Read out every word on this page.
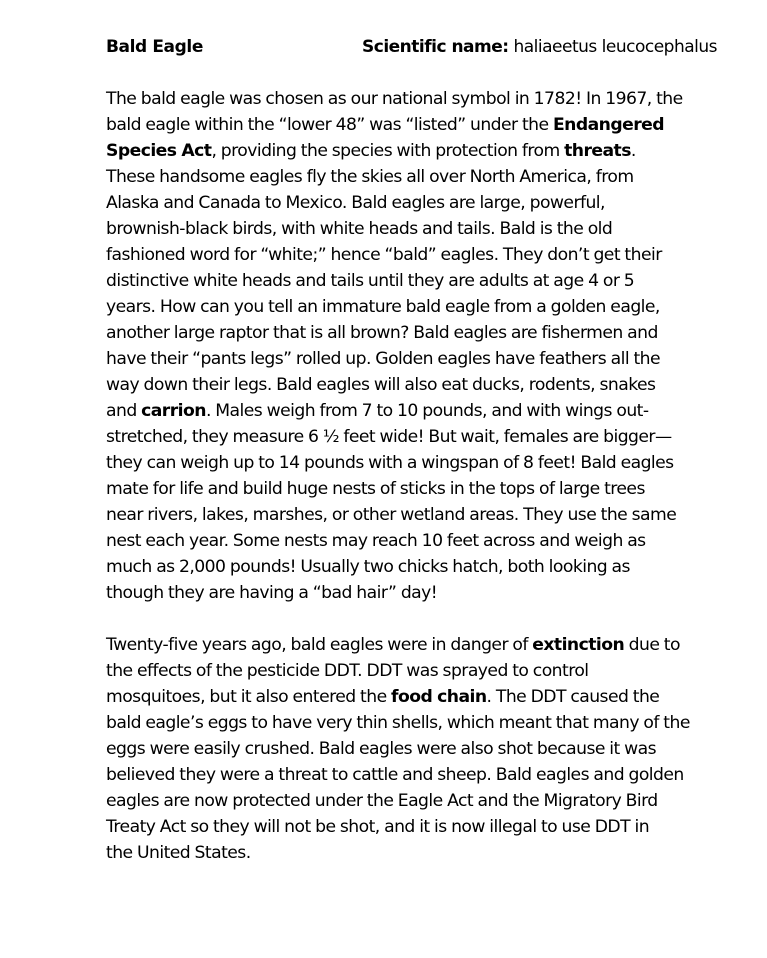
Bald Eagle	Scientific name: haliaeetus leucocephalus

The bald eagle was chosen as our national symbol in 1782! In 1967, the
bald eagle within the “lower 48” was “listed” under the Endangered
Species Act, providing the species with protection from threats.
These handsome eagles fly the skies all over North America, from
Alaska and Canada to Mexico. Bald eagles are large, powerful,
brownish-black birds, with white heads and tails. Bald is the old
fashioned word for “white;” hence “bald” eagles. They don’t get their
distinctive white heads and tails until they are adults at age 4 or 5
years. How can you tell an immature bald eagle from a golden eagle,
another large raptor that is all brown? Bald eagles are fishermen and
have their “pants legs” rolled up. Golden eagles have feathers all the
way down their legs. Bald eagles will also eat ducks, rodents, snakes
and carrion. Males weigh from 7 to 10 pounds, and with wings out-
stretched, they measure 6 ½ feet wide! But wait, females are bigger—
they can weigh up to 14 pounds with a wingspan of 8 feet! Bald eagles
mate for life and build huge nests of sticks in the tops of large trees
near rivers, lakes, marshes, or other wetland areas. They use the same
nest each year. Some nests may reach 10 feet across and weigh as
much as 2,000 pounds! Usually two chicks hatch, both looking as
though they are having a “bad hair” day!

Twenty-five years ago, bald eagles were in danger of extinction due to
the effects of the pesticide DDT. DDT was sprayed to control
mosquitoes, but it also entered the food chain. The DDT caused the
bald eagle’s eggs to have very thin shells, which meant that many of the
eggs were easily crushed. Bald eagles were also shot because it was
believed they were a threat to cattle and sheep. Bald eagles and golden
eagles are now protected under the Eagle Act and the Migratory Bird
Treaty Act so they will not be shot, and it is now illegal to use DDT in
the United States.
